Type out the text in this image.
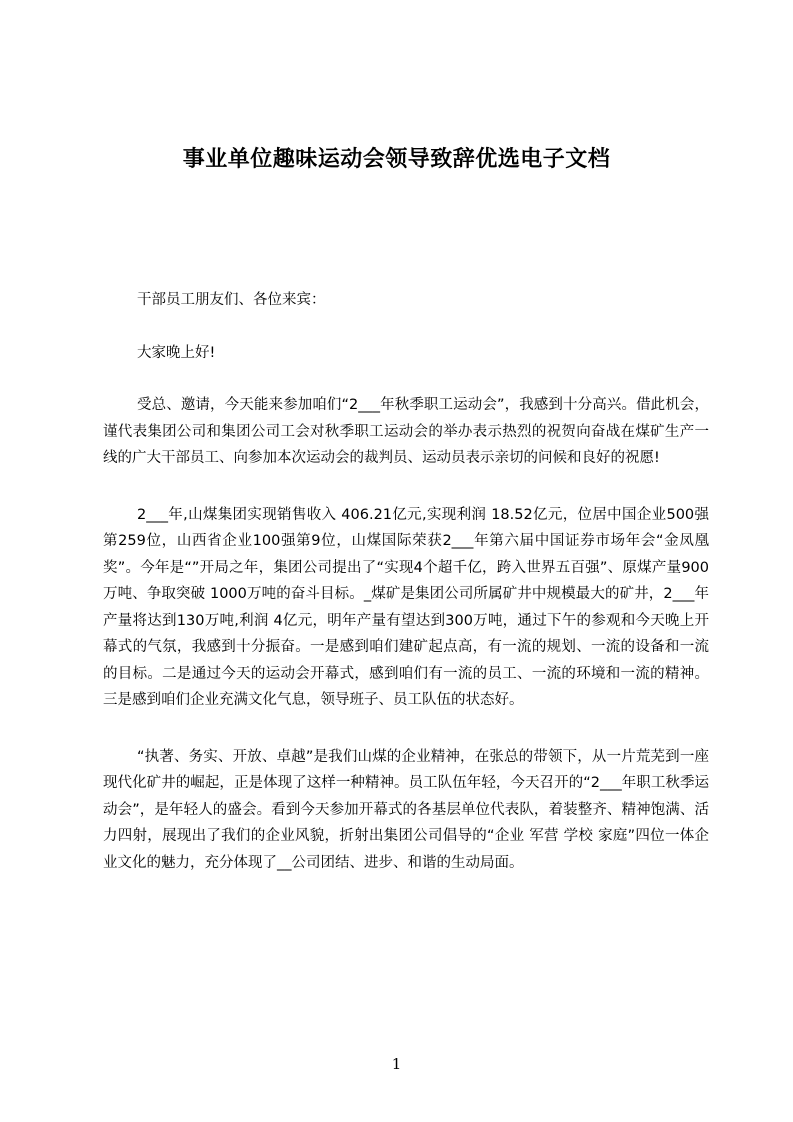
事业单位趣味运动会领导致辞优选电子文档

干部员工朋友们、各位来宾：

大家晚上好!

受总、邀请，今天能来参加咱们“2___年秋季职工运动会”，我感到十分高兴。借此机会，谨代表集团公司和集团公司工会对秋季职工运动会的举办表示热烈的祝贺向奋战在煤矿生产一线的广大干部员工、向参加本次运动会的裁判员、运动员表示亲切的问候和良好的祝愿!

2___年,山煤集团实现销售收入 406.21亿元,实现利润 18.52亿元，位居中国企业500强第259位，山西省企业100强第9位，山煤国际荣获2___年第六届中国证券市场年会“金凤凰奖”。今年是“”开局之年，集团公司提出了“实现4个超千亿，跨入世界五百强”、原煤产量900万吨、争取突破 1000万吨的奋斗目标。_煤矿是集团公司所属矿井中规模最大的矿井，2___年产量将达到130万吨,利润 4亿元，明年产量有望达到300万吨，通过下午的参观和今天晚上开幕式的气氛，我感到十分振奋。一是感到咱们建矿起点高，有一流的规划、一流的设备和一流的目标。二是通过今天的运动会开幕式，感到咱们有一流的员工、一流的环境和一流的精神。三是感到咱们企业充满文化气息，领导班子、员工队伍的状态好。

“执著、务实、开放、卓越”是我们山煤的企业精神，在张总的带领下，从一片荒芜到一座现代化矿井的崛起，正是体现了这样一种精神。员工队伍年轻，今天召开的“2___年职工秋季运动会”，是年轻人的盛会。看到今天参加开幕式的各基层单位代表队，着装整齐、精神饱满、活力四射，展现出了我们的企业风貌，折射出集团公司倡导的“企业 军营 学校 家庭”四位一体企业文化的魅力，充分体现了__公司团结、进步、和谐的生动局面。

1
